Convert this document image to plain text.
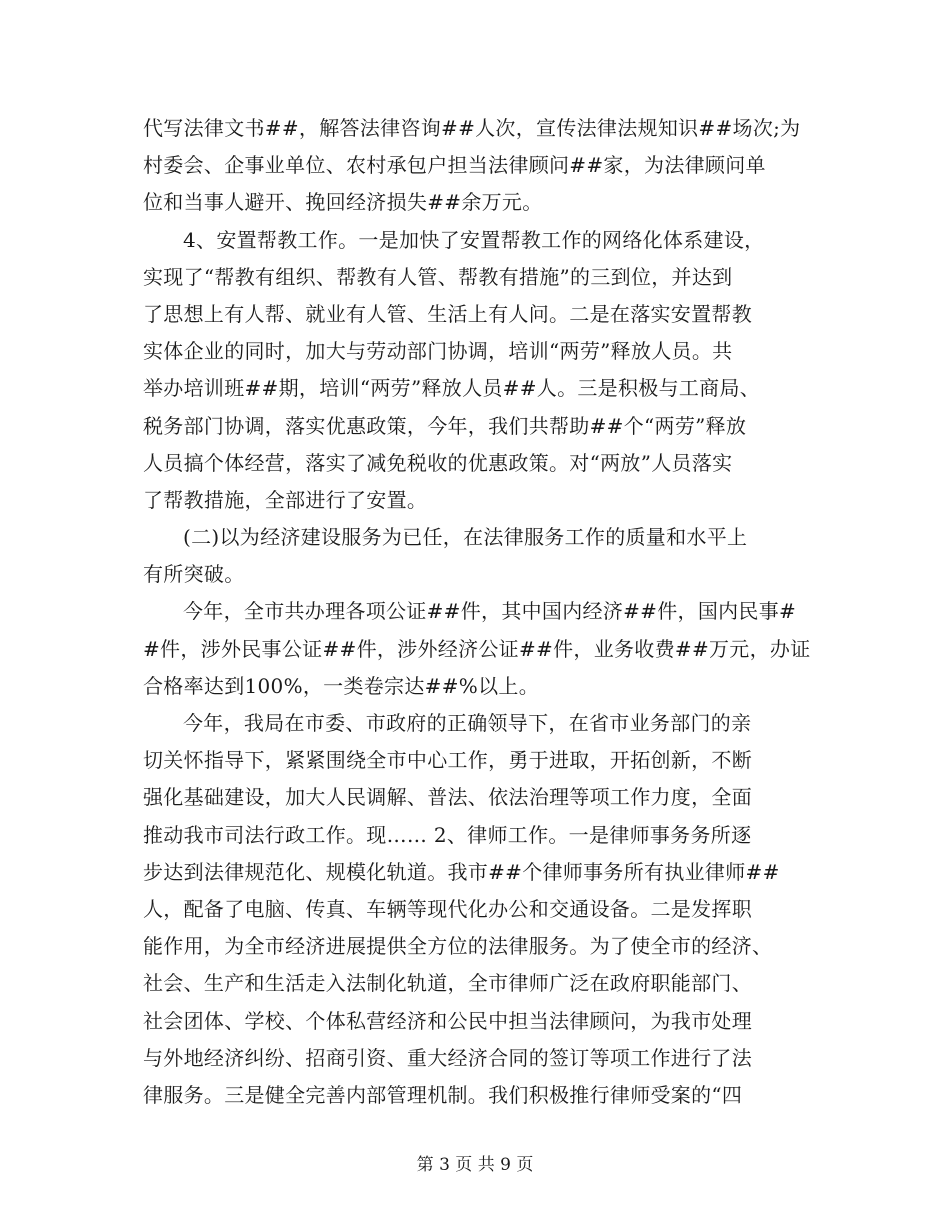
代写法律文书##，解答法律咨询##人次，宣传法律法规知识##场次;为
村委会、企事业单位、农村承包户担当法律顾问##家，为法律顾问单
位和当事人避开、挽回经济损失##余万元。
4、安置帮教工作。一是加快了安置帮教工作的网络化体系建设，
实现了“帮教有组织、帮教有人管、帮教有措施”的三到位，并达到
了思想上有人帮、就业有人管、生活上有人问。二是在落实安置帮教
实体企业的同时，加大与劳动部门协调，培训“两劳”释放人员。共
举办培训班##期，培训“两劳”释放人员##人。三是积极与工商局、
税务部门协调，落实优惠政策，今年，我们共帮助##个“两劳”释放
人员搞个体经营，落实了减免税收的优惠政策。对“两放”人员落实
了帮教措施，全部进行了安置。
(二)以为经济建设服务为已任，在法律服务工作的质量和水平上
有所突破。
今年，全市共办理各项公证##件，其中国内经济##件，国内民事#
#件，涉外民事公证##件，涉外经济公证##件，业务收费##万元，办证
合格率达到100%，一类卷宗达##%以上。
今年，我局在市委、市政府的正确领导下，在省市业务部门的亲
切关怀指导下，紧紧围绕全市中心工作，勇于进取，开拓创新，不断
强化基础建设，加大人民调解、普法、依法治理等项工作力度，全面
推动我市司法行政工作。现…… 2、律师工作。一是律师事务务所逐
步达到法律规范化、规模化轨道。我市##个律师事务所有执业律师##
人，配备了电脑、传真、车辆等现代化办公和交通设备。二是发挥职
能作用，为全市经济进展提供全方位的法律服务。为了使全市的经济、
社会、生产和生活走入法制化轨道，全市律师广泛在政府职能部门、
社会团体、学校、个体私营经济和公民中担当法律顾问，为我市处理
与外地经济纠纷、招商引资、重大经济合同的签订等项工作进行了法
律服务。三是健全完善内部管理机制。我们积极推行律师受案的“四
第 3 页 共 9 页
